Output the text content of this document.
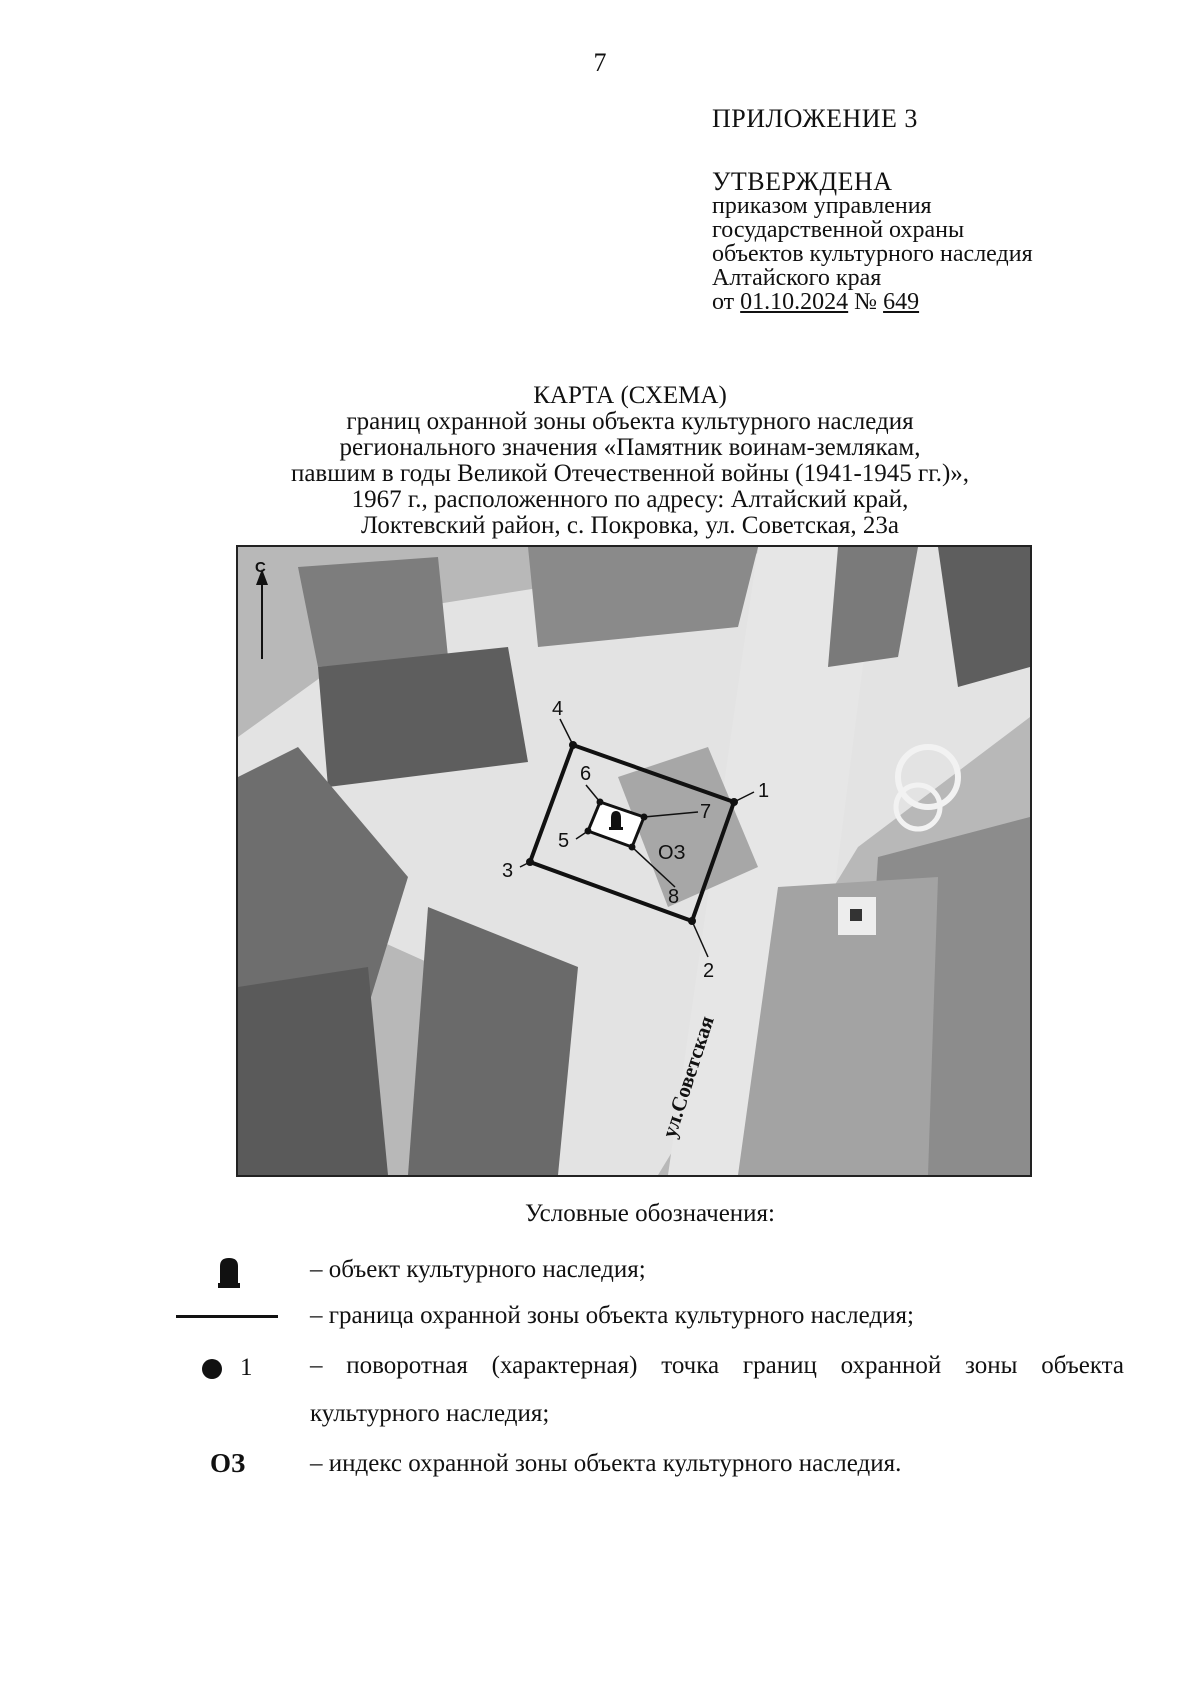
7
ПРИЛОЖЕНИЕ 3
УТВЕРЖДЕНА
приказом управления
государственной охраны
объектов культурного наследия
Алтайского края
от 01.10.2024 № 649
КАРТА (СХЕМА)
границ охранной зоны объекта культурного наследия
регионального значения «Памятник воинам-землякам,
павшим в годы Великой Отечественной войны (1941-1945 гг.)»,
1967 г., расположенного по адресу: Алтайский край,
Локтевский район, с. Покровка, ул. Советская, 23а
С
1
2
3
4
5
6
7
8
ОЗ
ул.Советская
Условные обозначения:
– объект культурного наследия;
– граница охранной зоны объекта культурного наследия;
1 – поворотная (характерная) точка границ охранной зоны объекта культурного наследия;
ОЗ	– индекс охранной зоны объекта культурного наследия.
